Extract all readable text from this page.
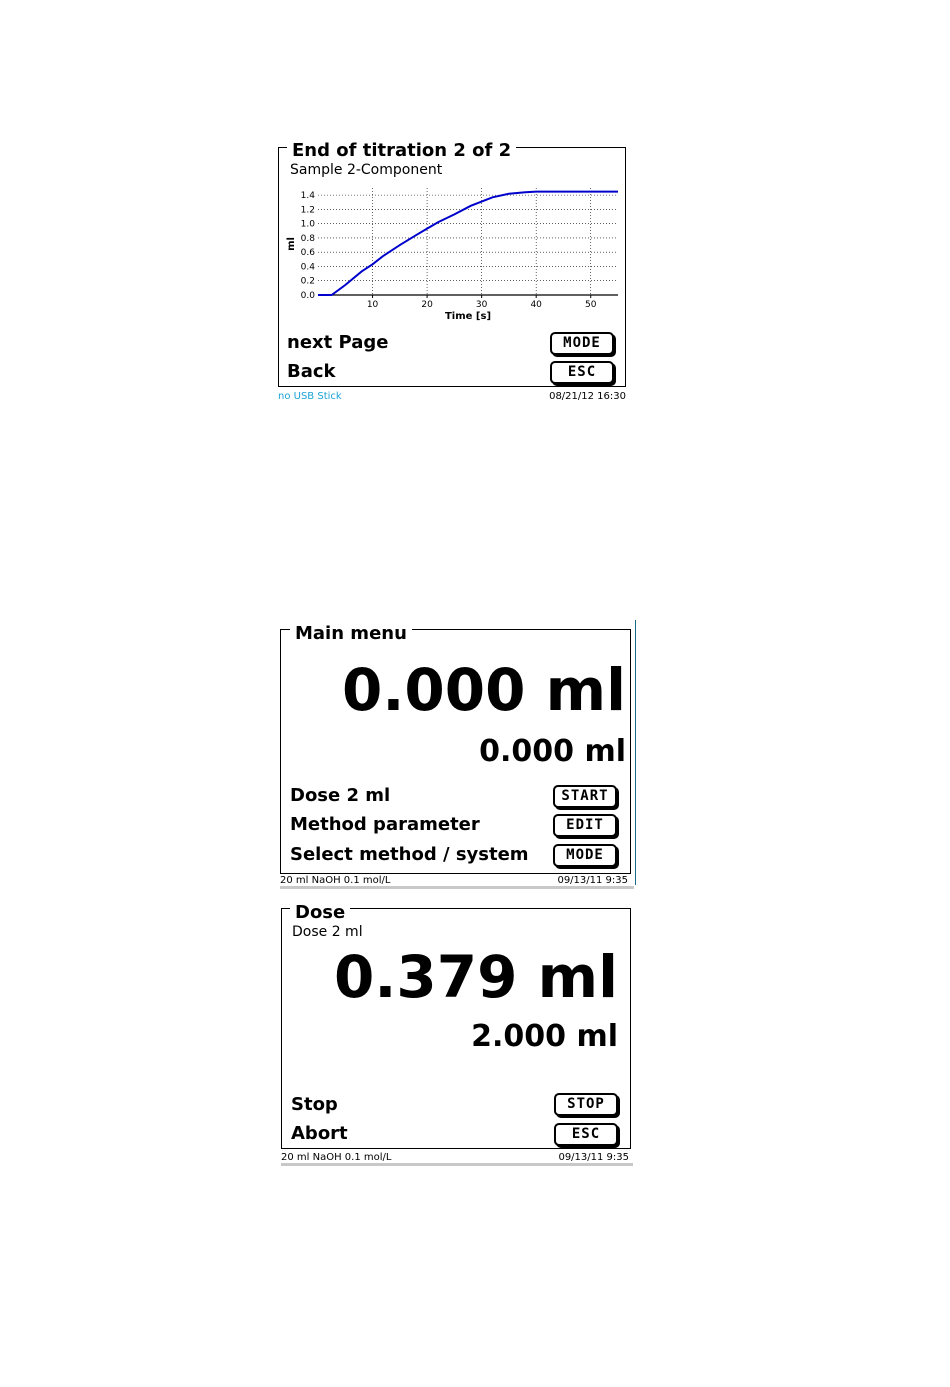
End of titration 2 of 2
Sample 2-Component
0.0
0.2
0.4
0.6
0.8
1.0
1.2
1.4
10	20	30	40	50
ml
Time [s]
next Page	MODE
Back	ESC
no USB Stick	08/21/12 16:30
Main menu
0.000 ml
0.000 ml
Dose 2 ml	START
Method parameter	EDIT
Select method / system	MODE
20 ml NaOH 0.1 mol/L	09/13/11 9:35
Dose
Dose 2 ml
0.379 ml
2.000 ml
Stop	STOP
Abort	ESC
20 ml NaOH 0.1 mol/L	09/13/11 9:35
